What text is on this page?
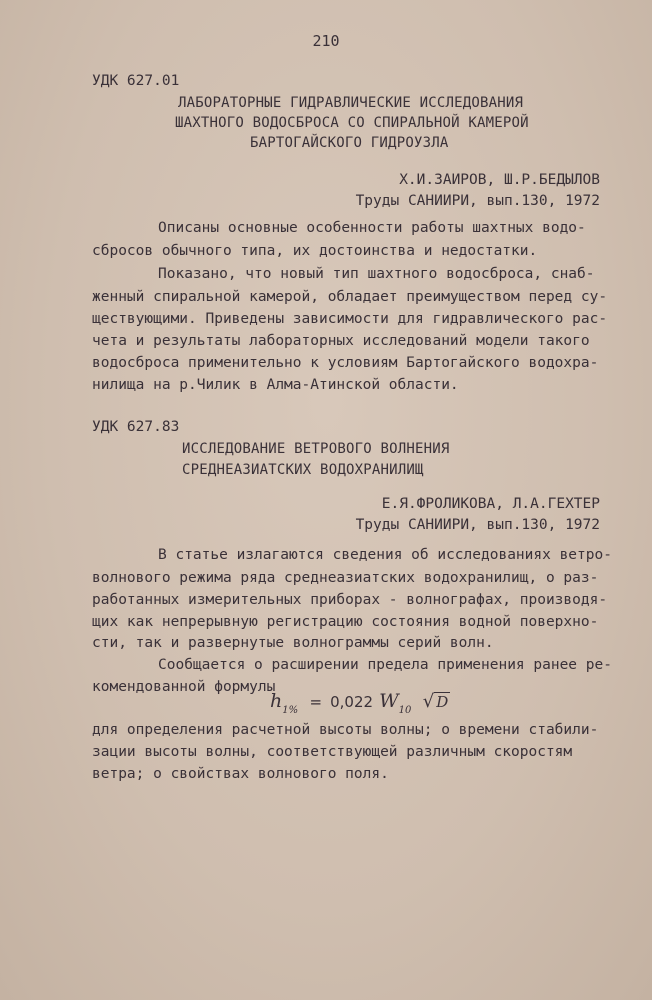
210
УДК 627.01
ЛАБОРАТОРНЫЕ ГИДРАВЛИЧЕСКИЕ ИССЛЕДОВАНИЯ
ШАХТНОГО ВОДОСБРОСА СО СПИРАЛЬНОЙ КАМЕРОЙ
БАРТОГАЙСКОГО ГИДРОУЗЛА
Х.И.ЗАИРОВ, Ш.Р.БЕДЫЛОВ
Труды САНИИРИ, вып.130, 1972
Описаны основные особенности работы шахтных водо-
сбросов обычного типа, их достоинства и недостатки.
Показано, что новый тип шахтного водосброса, снаб-
женный спиральной камерой, обладает преимуществом перед су-
ществующими. Приведены зависимости для гидравлического рас-
чета и результаты лабораторных исследований модели такого
водосброса применительно к условиям Бартогайского водохра-
нилища на р.Чилик в Алма-Атинской области.
УДК 627.83
ИССЛЕДОВАНИЕ ВЕТРОВОГО ВОЛНЕНИЯ
СРЕДНЕАЗИАТСКИХ ВОДОХРАНИЛИЩ
Е.Я.ФРОЛИКОВА, Л.А.ГЕХТЕР
Труды САНИИРИ, вып.130, 1972
В статье излагаются сведения об исследованиях ветро-
волнового режима ряда среднеазиатских водохранилищ, о раз-
работанных измерительных приборах - волнографах, производя-
щих как непрерывную регистрацию состояния водной поверхно-
сти, так и развернутые волнограммы серий волн.
Сообщается о расширении предела применения ранее ре-
комендованной формулы
$h_{1\%} = 0,022$ $W_{10}$ √ D
для определения расчетной высоты волны; о времени стабили-
зации высоты волны, соответствующей различным скоростям
ветра; о свойствах волнового поля.
